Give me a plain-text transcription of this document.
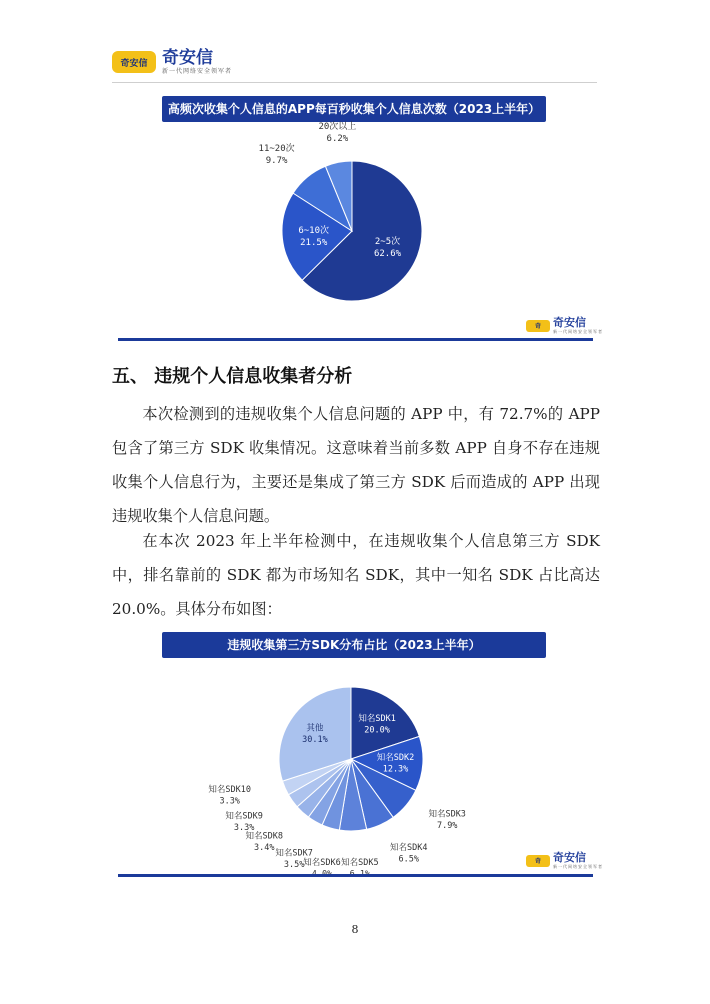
奇安信 奇安信
新一代网络安全领军者
高频次收集个人信息的APP每百秒收集个人信息次数（2023上半年）
2~5次
62.6%
6~10次
21.5%
11~20次
9.7%
20次以上
6.2%
奇	奇安信
新一代网络安全领军者
五、 违规个人信息收集者分析
本次检测到的违规收集个人信息问题的 APP 中，有 72.7%的 APP 包含了第三方 SDK 收集情况。这意味着当前多数 APP 自身不存在违规收集个人信息行为，主要还是集成了第三方 SDK 后而造成的 APP 出现违规收集个人信息问题。
在本次 2023 年上半年检测中，在违规收集个人信息第三方 SDK 中，排名靠前的 SDK 都为市场知名 SDK，其中一知名 SDK 占比高达 20.0%。具体分布如图：
违规收集第三方SDK分布占比（2023上半年）
知名SDK1
20.0%
知名SDK2
12.3%
知名SDK3
7.9%
知名SDK4
6.5%
知名SDK5
知名SDK6
知名SDK7
3.5%
知名SDK8
3.4%
知名SDK9
3.3%
知名SDK10
3.3%
其他
30.1%
奇	奇安信
新一代网络安全领军者
8
